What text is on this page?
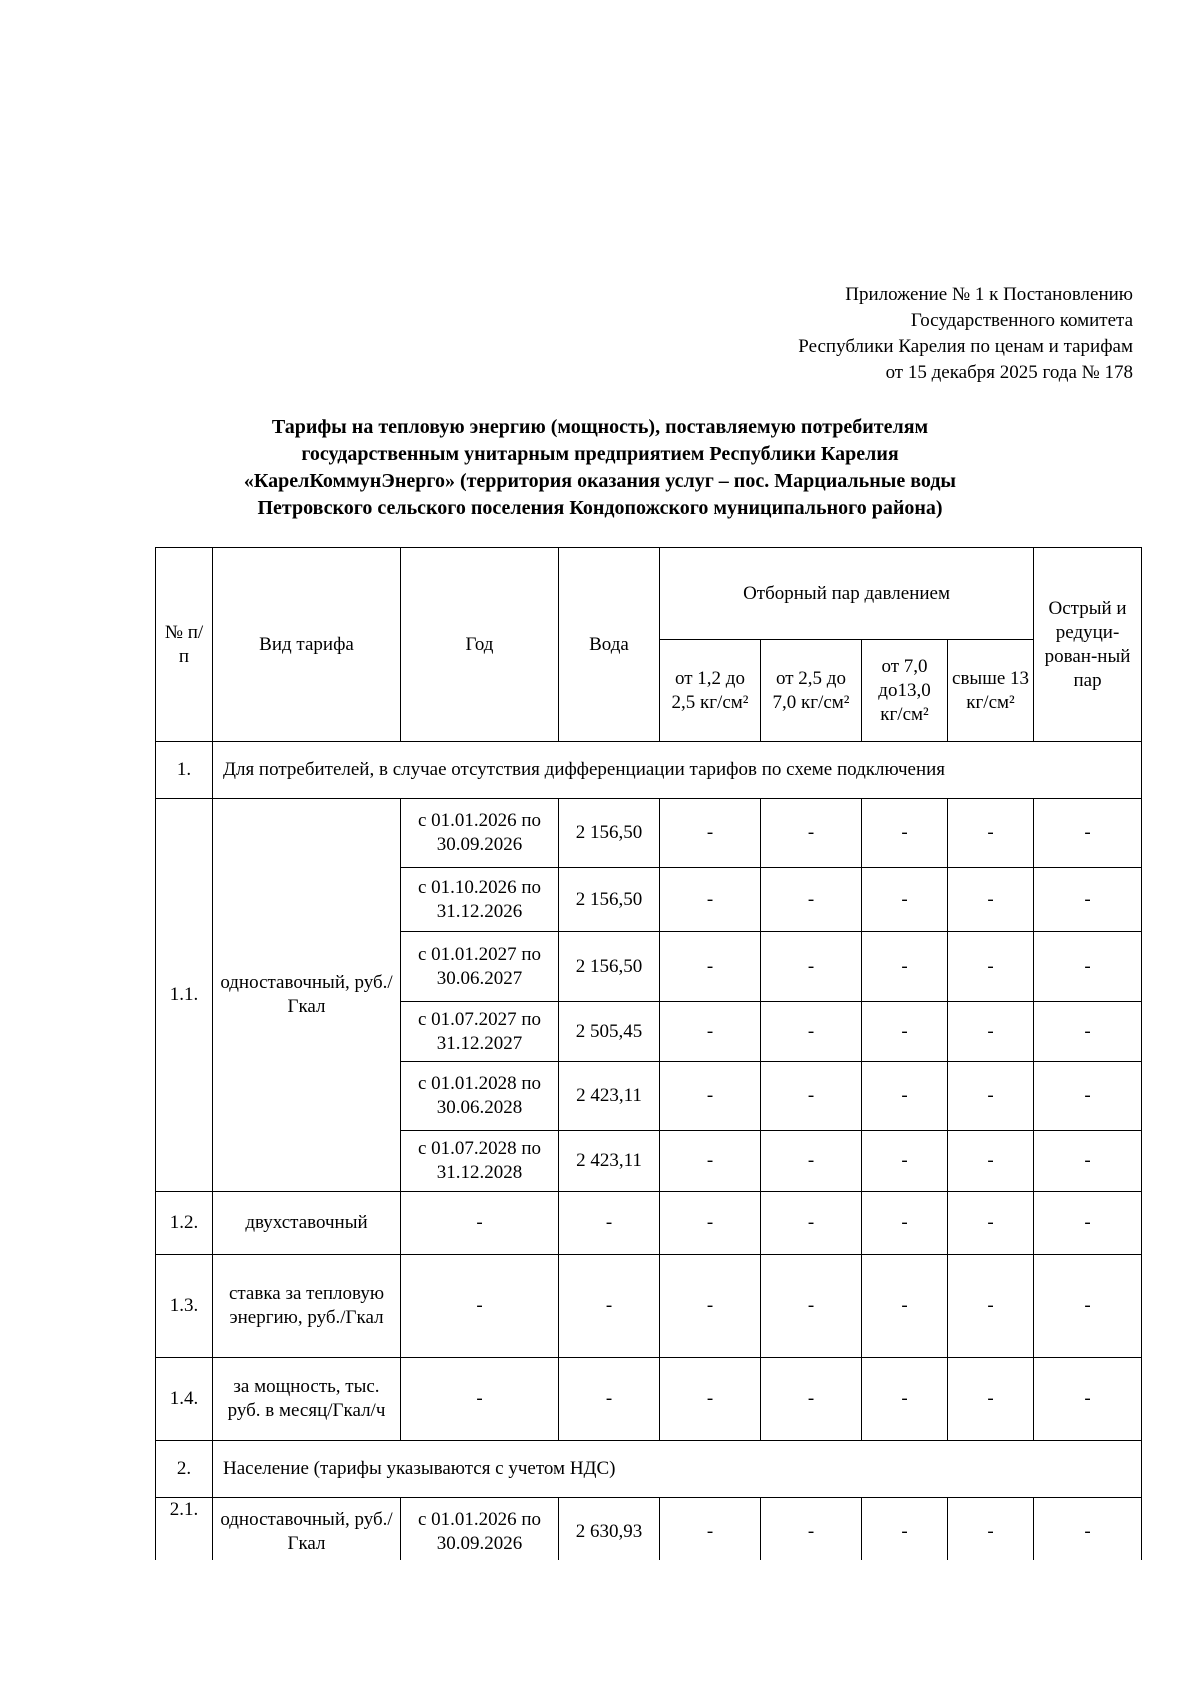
Приложение № 1 к Постановлению
Государственного комитета
Республики Карелия по ценам и тарифам
от 15 декабря 2025 года № 178
Тарифы на тепловую энергию (мощность), поставляемую потребителям
государственным унитарным предприятием Республики Карелия
«КарелКоммунЭнерго» (территория оказания услуг – пос. Марциальные воды
Петровского сельского поселения Кондопожского муниципального района)
№ п/п	Вид тарифа	Год	Вода	Отборный пар давлением				Острый и редуци-рован-ный пар
				от 1,2 до 2,5 кг/см²	от 2,5 до 7,0 кг/см²	от 7,0 до13,0 кг/см²	свыше 13 кг/см²	
1.	Для потребителей, в случае отсутствия дифференциации тарифов по схеме подключения							
1.1.	одноставочный, руб./Гкал	с 01.01.2026 по 30.09.2026	2 156,50	-	-	-	-	-
		с 01.10.2026 по 31.12.2026	2 156,50	-	-	-	-	-
		с 01.01.2027 по 30.06.2027	2 156,50	-	-	-	-	-
		с 01.07.2027 по 31.12.2027	2 505,45	-	-	-	-	-
		с 01.01.2028 по 30.06.2028	2 423,11	-	-	-	-	-
		с 01.07.2028 по 31.12.2028	2 423,11	-	-	-	-	-
1.2.	двухставочный	-	-	-	-	-	-	-
1.3.	ставка за тепловую энергию, руб./Гкал	-	-	-	-	-	-	-
1.4.	за мощность, тыс. руб. в месяц/Гкал/ч	-	-	-	-	-	-	-
2.	Население (тарифы указываются с учетом НДС)							
2.1.	одноставочный, руб./Гкал	с 01.01.2026 по 30.09.2026	2 630,93	-	-	-	-	-
